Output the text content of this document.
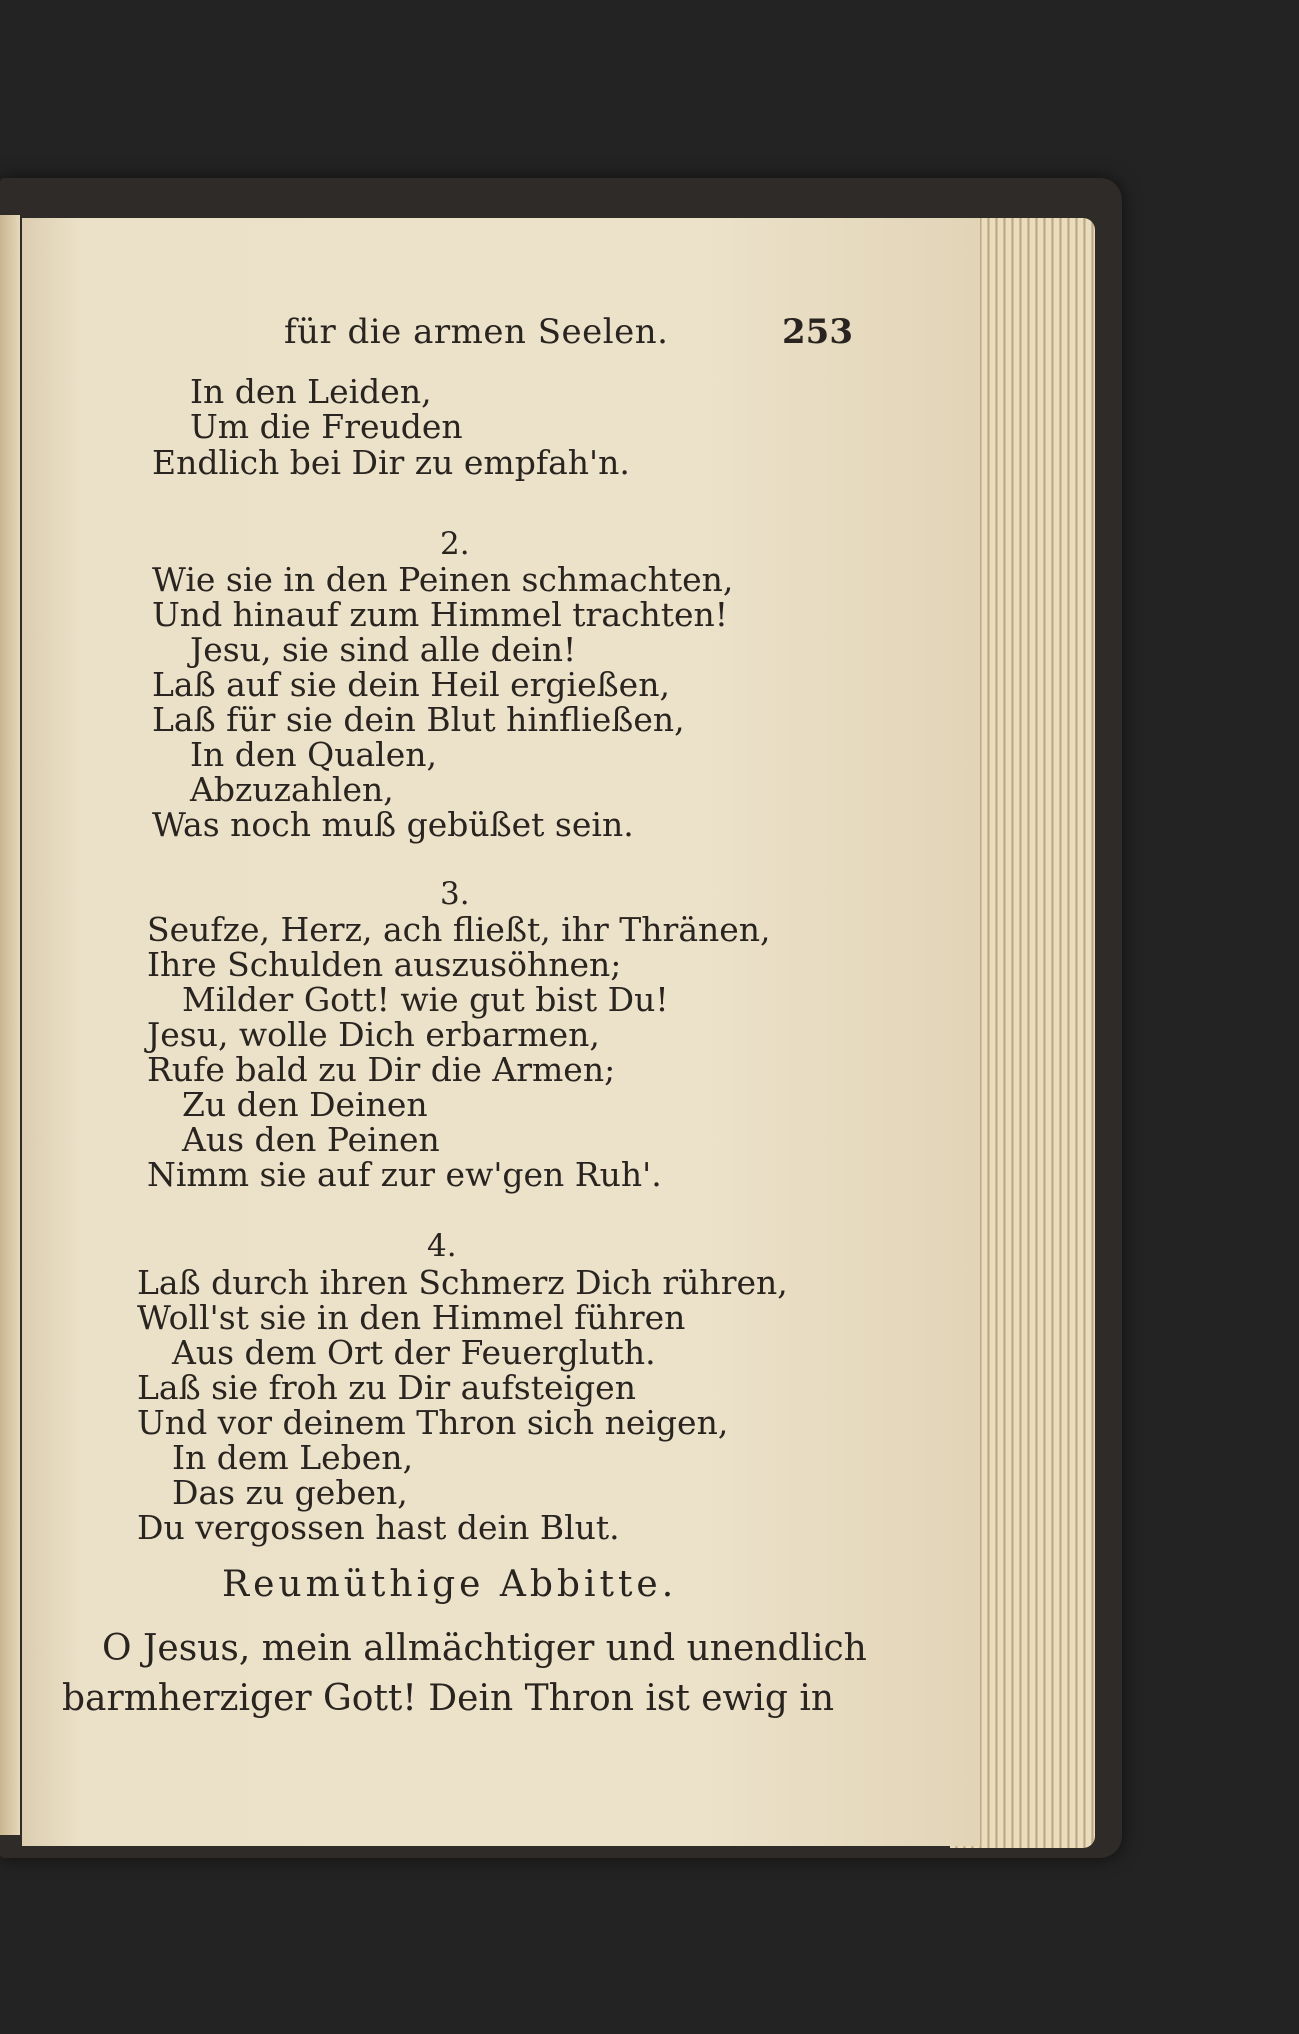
für die armen Seelen.	253
In den Leiden,
Um die Freuden
Endlich bei Dir zu empfah'n.
2.
Wie sie in den Peinen schmachten,
Und hinauf zum Himmel trachten!
Jesu, sie sind alle dein!
Laß auf sie dein Heil ergießen,
Laß für sie dein Blut hinfließen,
In den Qualen,
Abzuzahlen,
Was noch muß gebüßet sein.
3.
Seufze, Herz, ach fließt, ihr Thränen,
Ihre Schulden auszusöhnen;
Milder Gott! wie gut bist Du!
Jesu, wolle Dich erbarmen,
Rufe bald zu Dir die Armen;
Zu den Deinen
Aus den Peinen
Nimm sie auf zur ew'gen Ruh'.
4.
Laß durch ihren Schmerz Dich rühren,
Woll'st sie in den Himmel führen
Aus dem Ort der Feuergluth.
Laß sie froh zu Dir aufsteigen
Und vor deinem Thron sich neigen,
In dem Leben,
Das zu geben,
Du vergossen hast dein Blut.
Reumüthige Abbitte.
O Jesus, mein allmächtiger und unendlich
barmherziger Gott! Dein Thron ist ewig in
